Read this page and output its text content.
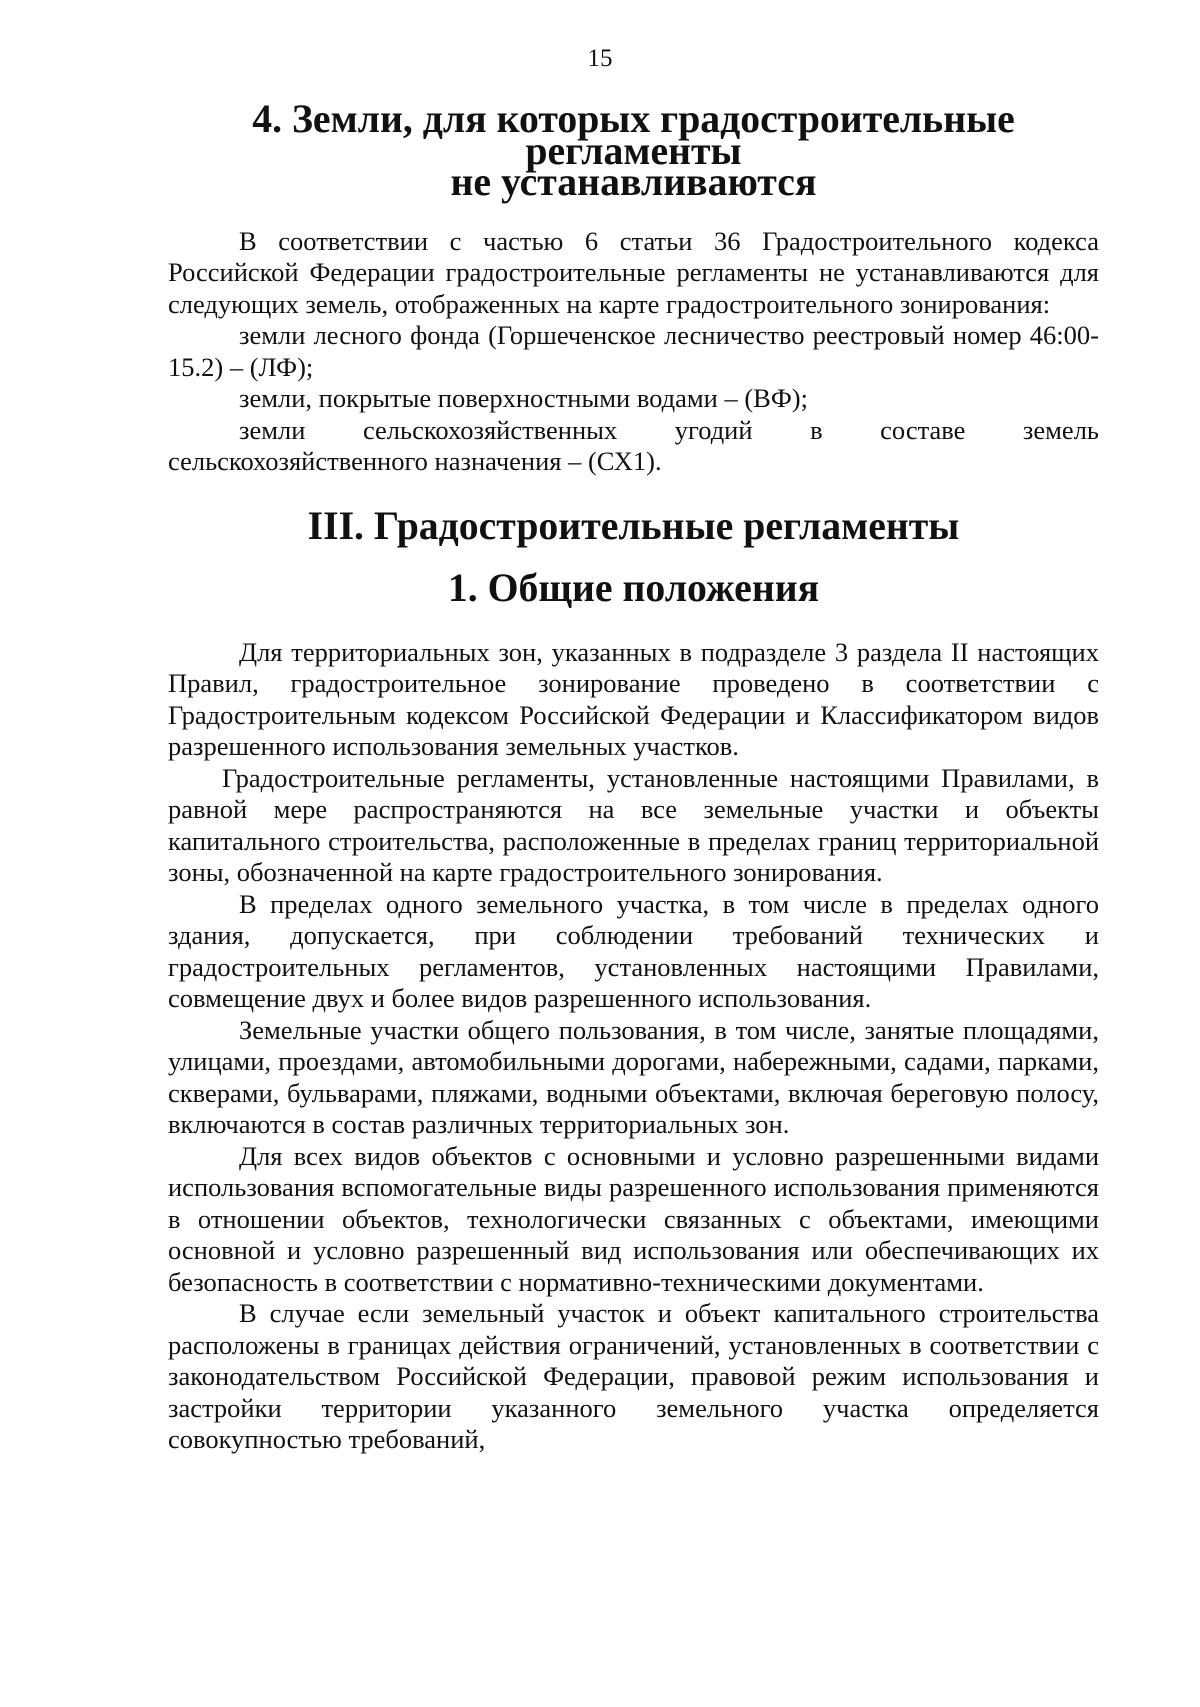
15
4. Земли, для которых градостроительные регламенты
не устанавливаются

В соответствии с частью 6 статьи 36 Градостроительного кодекса Российской Федерации градостроительные регламенты не устанавливаются для следующих земель, отображенных на карте градостроительного зонирования:

земли лесного фонда (Горшеченское лесничество реестровый номер 46:00-15.2) – (ЛФ);

земли, покрытые поверхностными водами – (ВФ);

земли сельскохозяйственных угодий в составе земель сельскохозяйственного назначения – (СХ1).

III. Градостроительные регламенты
1. Общие положения

Для территориальных зон, указанных в подразделе 3 раздела II настоящих Правил, градостроительное зонирование проведено в соответствии с Градостроительным кодексом Российской Федерации и Классификатором видов разрешенного использования земельных участков.

Градостроительные регламенты, установленные настоящими Правилами, в равной мере распространяются на все земельные участки и объекты капитального строительства, расположенные в пределах границ территориальной зоны, обозначенной на карте градостроительного зонирования.

В пределах одного земельного участка, в том числе в пределах одного здания, допускается, при соблюдении требований технических и градостроительных регламентов, установленных настоящими Правилами, совмещение двух и более видов разрешенного использования.

Земельные участки общего пользования, в том числе, занятые площадями, улицами, проездами, автомобильными дорогами, набережными, садами, парками, скверами, бульварами, пляжами, водными объектами, включая береговую полосу, включаются в состав различных территориальных зон.

Для всех видов объектов с основными и условно разрешенными видами использования вспомогательные виды разрешенного использования применяются в отношении объектов, технологически связанных с объектами, имеющими основной и условно разрешенный вид использования или обеспечивающих их безопасность в соответствии с нормативно-техническими документами.

В случае если земельный участок и объект капитального строительства расположены в границах действия ограничений, установленных в соответствии с законодательством Российской Федерации, правовой режим использования и застройки территории указанного земельного участка определяется совокупностью требований,
